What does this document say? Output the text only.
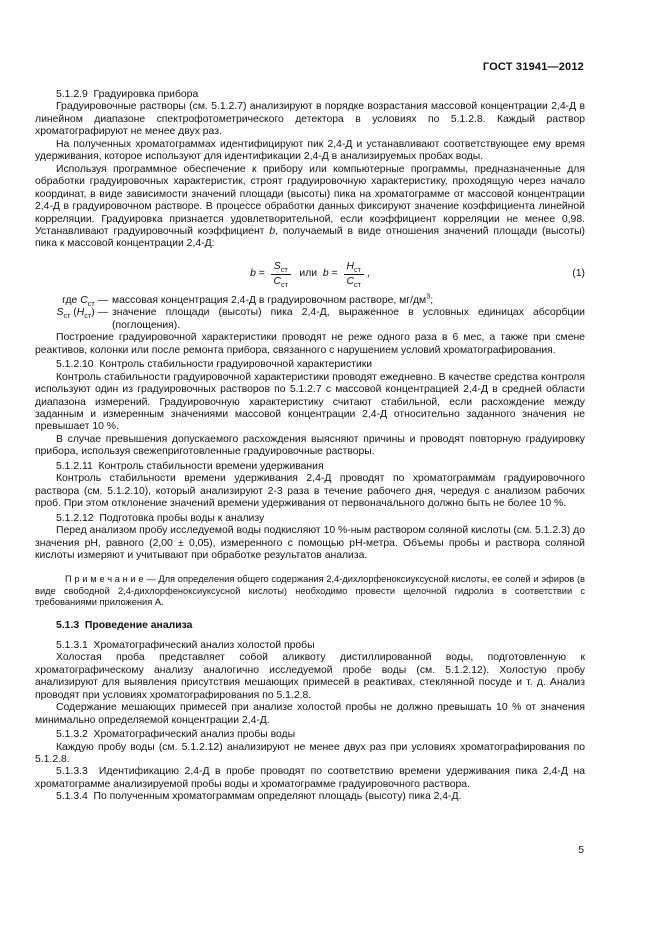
ГОСТ 31941—2012

5.1.2.9  Градуировка прибора

Градуировочные растворы (см. 5.1.2.7) анализируют в порядке возрастания массовой концентрации 2,4-Д в линейном диапазоне спектрофотометрического детектора в условиях по 5.1.2.8. Каждый раствор хроматографируют не менее двух раз.

На полученных хроматограммах идентифицируют пик 2,4-Д и устанавливают соответствующее ему время удерживания, которое используют для идентификации 2,4-Д в анализируемых пробах воды.

Используя программное обеспечение к прибору или компьютерные программы, предназначенные для обработки градуировочных характеристик, строят градуировочную характеристику, проходящую через начало координат, в виде зависимости значений площади (высоты) пика на хроматограмме от массовой концентрации 2,4-Д в градуировочном растворе. В процессе обработки данных фиксируют значение коэффициента линейной корреляции. Градуировка признается удовлетворительной, если коэффициент корреляции не менее 0,98. Устанавливают градуировочный коэффициент b, получаемый в виде отношения значений площади (высоты) пика к массовой концентрации 2,4-Д:

$b = \frac{S_{ст}}{C_{ст}}$ или $b = \frac{H_{ст}}{C_{ст}}$ ,	(1)
где $C_{ст}$ — массовая концентрация 2,4-Д в градуировочном растворе, $мг/дм^3$;
$S_{ст}$ $(H_{ст})$ — значение площади (высоты) пика 2,4-Д, выраженное в условных единицах абсорбции (поглощения).

Построение градуировочной характеристики проводят не реже одного раза в 6 мес, а также при смене реактивов, колонки или после ремонта прибора, связанного с нарушением условий хроматографирования.

5.1.2.10  Контроль стабильности градуировочной характеристики

Контроль стабильности градуировочной характеристики проводят ежедневно. В качестве средства контроля используют один из градуировочных растворов по 5.1.2.7 с массовой концентрацией 2,4-Д в средней области диапазона измерений. Градуировочную характеристику считают стабильной, если расхождение между заданным и измеренным значениями массовой концентрации 2,4-Д относительно заданного значения не превышает 10 %.

В случае превышения допускаемого расхождения выясняют причины и проводят повторную градуировку прибора, используя свежеприготовленные градуировочные растворы.

5.1.2.11  Контроль стабильности времени удерживания

Контроль стабильности времени удерживания 2,4-Д проводят по хроматограммам градуировочного раствора (см. 5.1.2.10), который анализируют 2-3 раза в течение рабочего дня, чередуя с анализом рабочих проб. При этом отклонение значений времени удерживания от первоначального должно быть не более 10 %.

5.1.2.12  Подготовка пробы воды к анализу

Перед анализом пробу исследуемой воды подкисляют 10 %-ным раствором соляной кислоты (см. 5.1.2.3) до значения pH, равного (2,00 ± 0,05), измеренного с помощью pH-метра. Объемы пробы и раствора соляной кислоты измеряют и учитывают при обработке результатов анализа.

П р и м е ч а н и е — Для определения общего содержания 2,4-дихлорфеноксиуксусной кислоты, ее солей и эфиров (в виде свободной 2,4-дихлорфеноксиуксусной кислоты) необходимо провести щелочной гидролиз в соответствии с требованиями приложения А.

5.1.3  Проведение анализа

5.1.3.1  Хроматографический анализ холостой пробы

Холостая проба представляет собой аликвоту дистиллированной воды, подготовленную к хроматографическому анализу аналогично исследуемой пробе воды (см. 5.1.2.12). Холостую пробу анализируют для выявления присутствия мешающих примесей в реактивах, стеклянной посуде и т. д. Анализ проводят при условиях хроматографирования по 5.1.2.8.

Содержание мешающих примесей при анализе холостой пробы не должно превышать 10 % от значения минимально определяемой концентрации 2,4-Д.

5.1.3.2  Хроматографический анализ пробы воды

Каждую пробу воды (см. 5.1.2.12) анализируют не менее двух раз при условиях хроматографирования по 5.1.2.8.

5.1.3.3  Идентификацию 2,4-Д в пробе проводят по соответствию времени удерживания пика 2,4-Д на хроматограмме анализируемой пробы воды и хроматограмме градуировочного раствора.

5.1.3.4  По полученным хроматограммам определяют площадь (высоту) пика 2,4-Д.

5
